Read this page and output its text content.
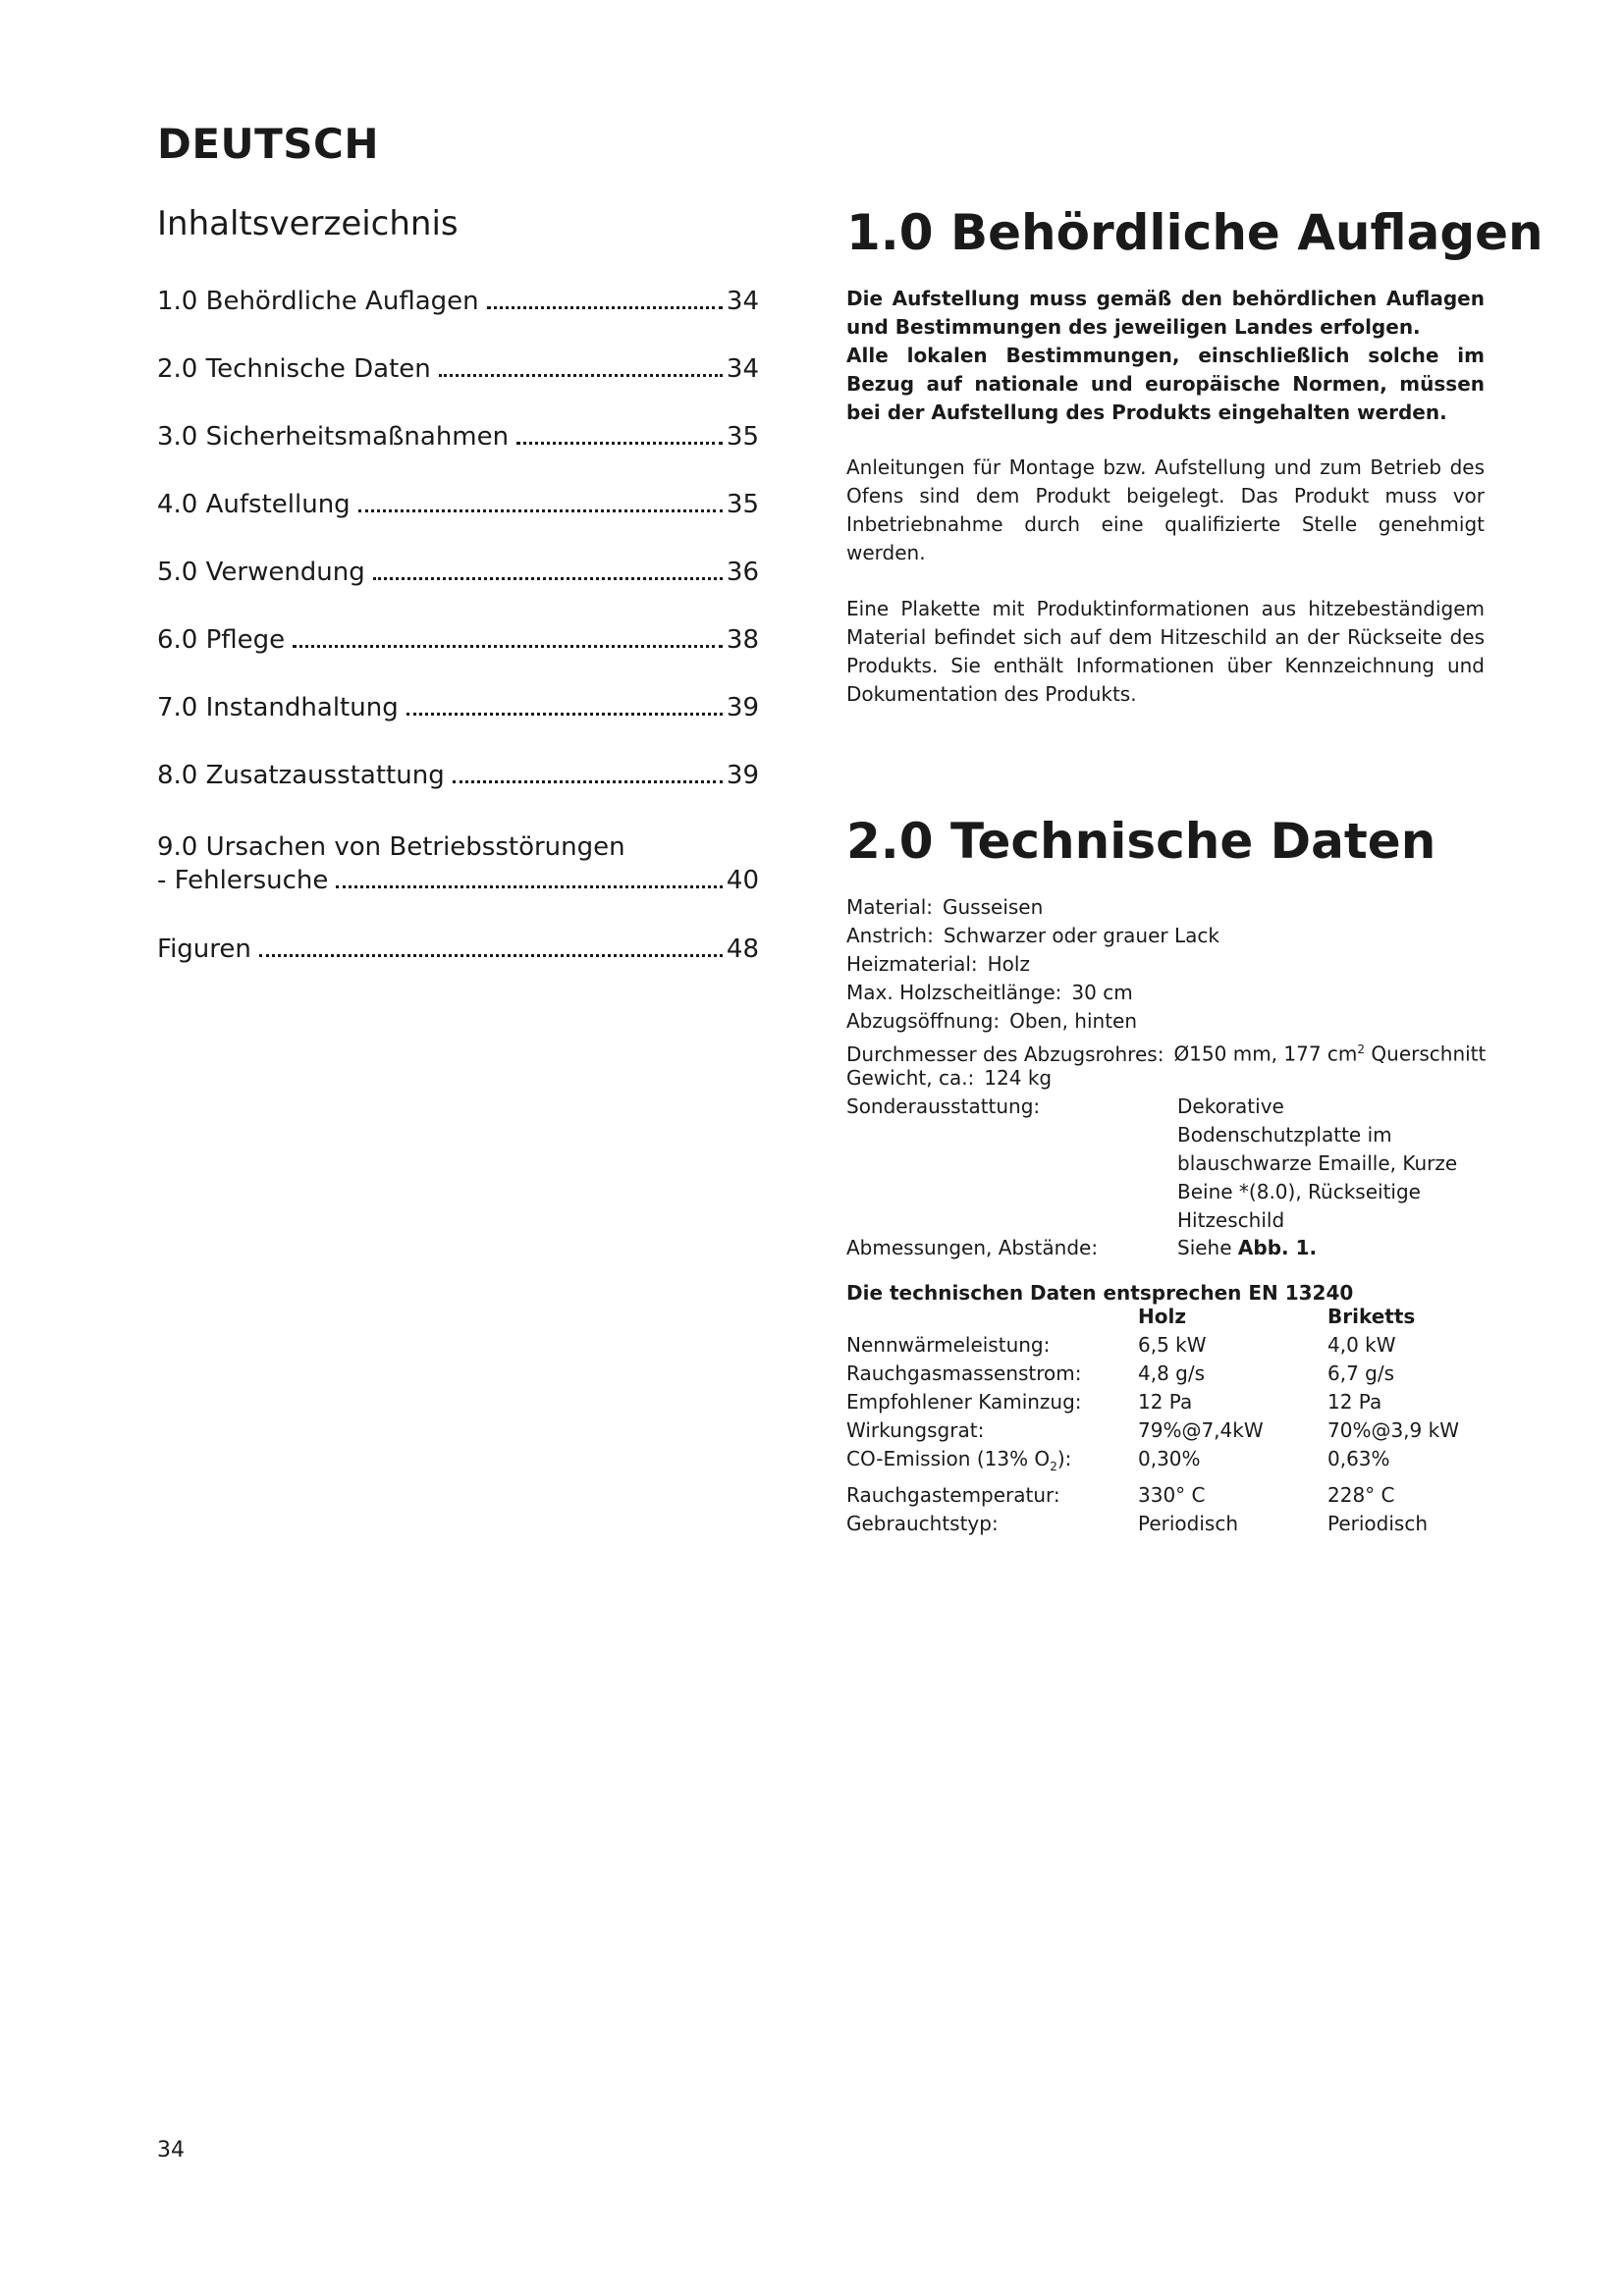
DEUTSCH
Inhaltsverzeichnis
1.0 Behördliche Auflagen	34
2.0 Technische Daten	34
3.0 Sicherheitsmaßnahmen	35
4.0 Aufstellung	35
5.0 Verwendung	36
6.0 Pflege	38
7.0 Instandhaltung	39
8.0 Zusatzausstattung	39
9.0 Ursachen von Betriebsstörungen
- Fehlersuche	40
Figuren	48
1.0 Behördliche Auflagen

Die Aufstellung muss gemäß den behördlichen Auflagen und Bestimmungen des jeweiligen Landes erfolgen.

Alle lokalen Bestimmungen, einschließlich solche im Bezug auf nationale und europäische Normen, müssen bei der Aufstellung des Produkts eingehalten werden.

Anleitungen für Montage bzw. Aufstellung und zum Betrieb des Ofens sind dem Produkt beigelegt. Das Produkt muss vor Inbetriebnahme durch eine qualifizierte Stelle genehmigt werden.

Eine Plakette mit Produktinformationen aus hitzebeständigem Material befindet sich auf dem Hitzeschild an der Rückseite des Produkts. Sie enthält Informationen über Kennzeichnung und Dokumentation des Produkts.

2.0 Technische Daten
Material: Gusseisen
Anstrich: Schwarzer oder grauer Lack
Heizmaterial: Holz
Max. Holzscheitlänge: 30 cm
Abzugsöffnung: Oben, hinten
Durchmesser des Abzugsrohres: Ø150 mm, 177 $cm^2$ Querschnitt
Gewicht, ca.: 124 kg
Sonderausstattung:	Dekorative Bodenschutzplatte im blauschwarze Emaille, Kurze Beine *(8.0), Rückseitige Hitzeschild
Abmessungen, Abstände:	Siehe Abb. 1.
Die technischen Daten entsprechen EN 13240
	Holz	Briketts
Nennwärmeleistung:	6,5 kW	4,0 kW
Rauchgasmassenstrom:	4,8 g/s	6,7 g/s
Empfohlener Kaminzug:	12 Pa	12 Pa
Wirkungsgrat:	79%@7,4kW	70%@3,9 kW
CO-Emission (13% $O_2$):	0,30%	0,63%
Rauchgastemperatur:	330° C	228° C
Gebrauchtstyp:	Periodisch	Periodisch
34
